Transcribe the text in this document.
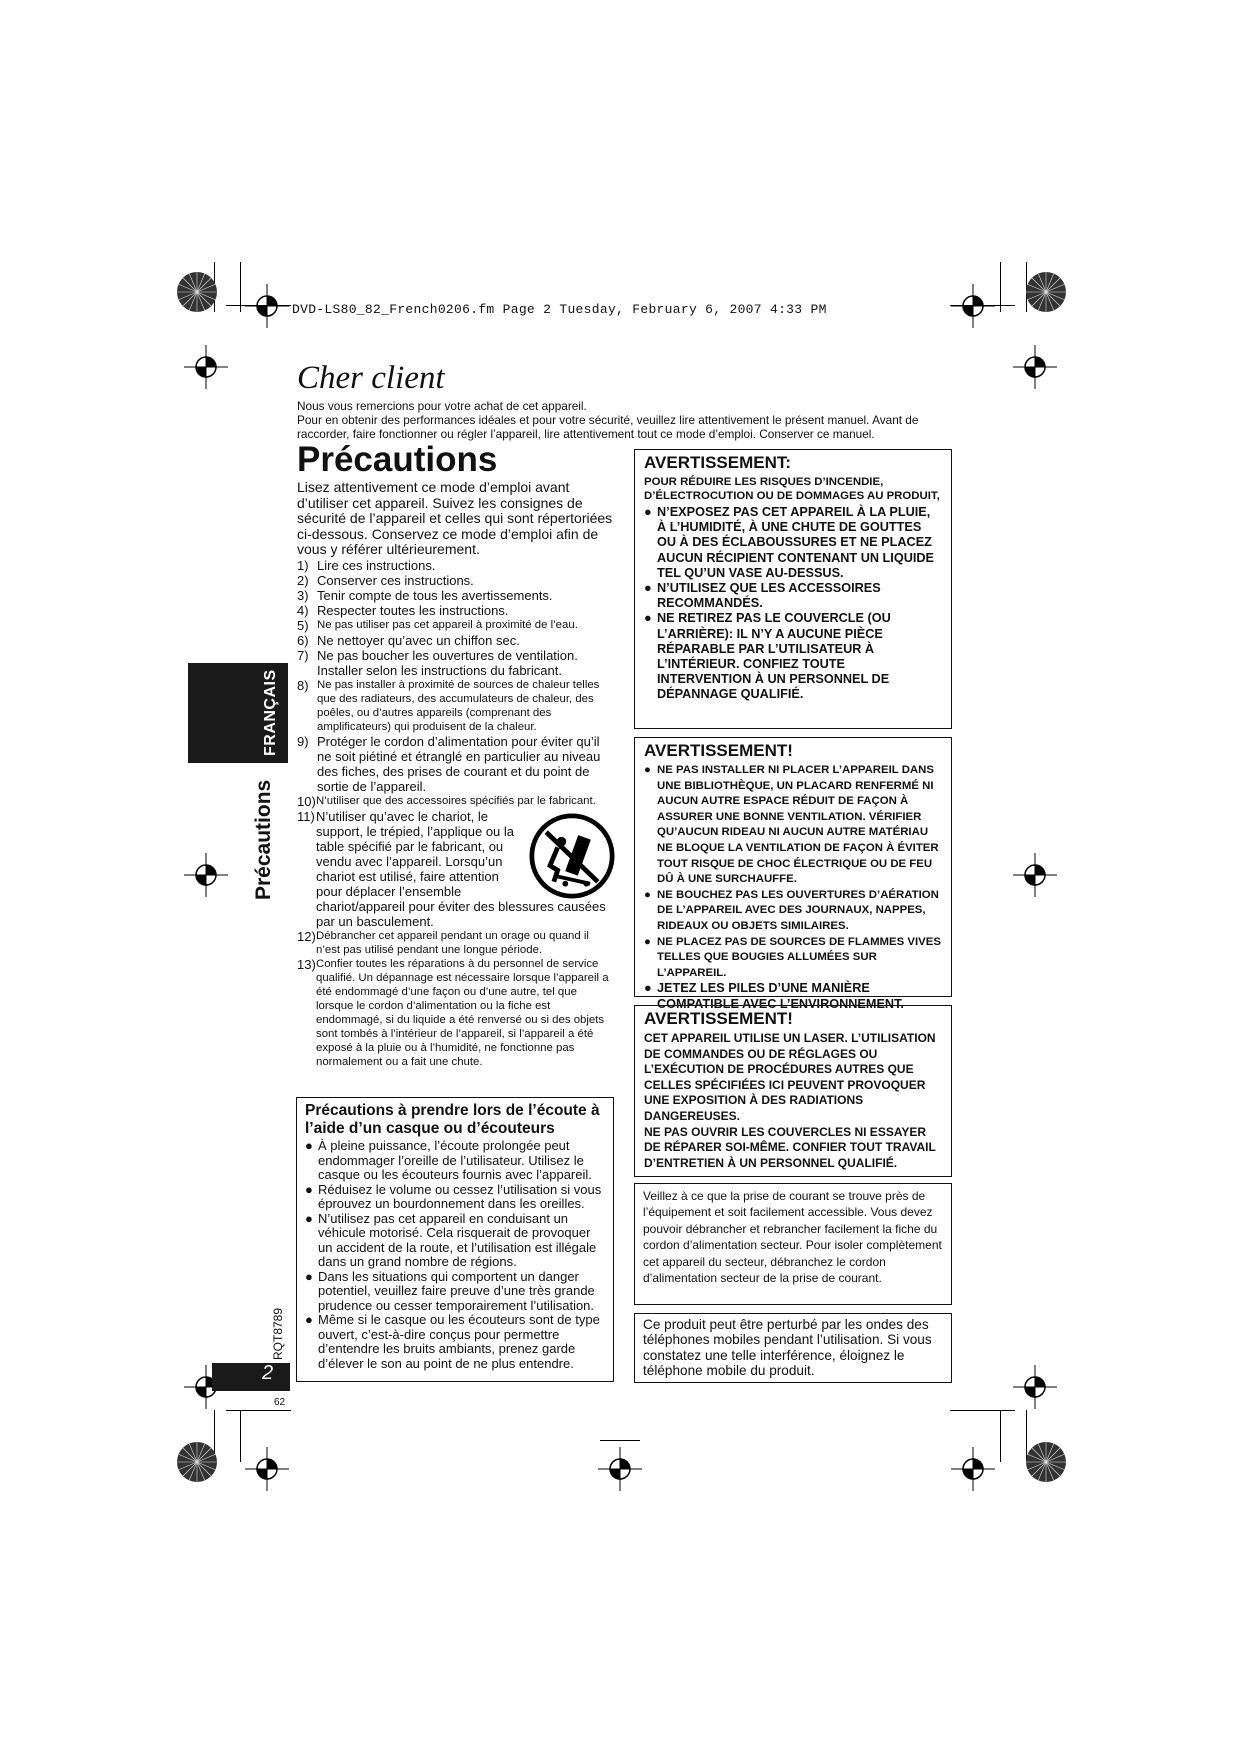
DVD-LS80_82_French0206.fm Page 2 Tuesday, February 6, 2007 4:33 PM
Cher client
Nous vous remercions pour votre achat de cet appareil.
Pour en obtenir des performances idéales et pour votre sécurité, veuillez lire attentivement le présent manuel. Avant de raccorder, faire fonctionner ou régler l’appareil, lire attentivement tout ce mode d’emploi. Conserver ce manuel.
FRANÇAIS
Précautions
RQT8789
2
62
Précautions
Lisez attentivement ce mode d’emploi avant d’utiliser cet appareil. Suivez les consignes de sécurité de l’appareil et celles qui sont répertoriées ci-dessous. Conservez ce mode d’emploi afin de vous y référer ultérieurement.
1) Lire ces instructions.
2) Conserver ces instructions.
3) Tenir compte de tous les avertissements.
4) Respecter toutes les instructions.
5) Ne pas utiliser pas cet appareil à proximité de l’eau.
6) Ne nettoyer qu’avec un chiffon sec.
7) Ne pas boucher les ouvertures de ventilation. Installer selon les instructions du fabricant.
8) Ne pas installer à proximité de sources de chaleur telles que des radiateurs, des accumulateurs de chaleur, des poêles, ou d’autres appareils (comprenant des amplificateurs) qui produisent de la chaleur.
9) Protéger le cordon d’alimentation pour éviter qu’il ne soit piétiné et étranglé en particulier au niveau des fiches, des prises de courant et du point de sortie de l’appareil.
10) N’utiliser que des accessoires spécifiés par le fabricant.
11) N’utiliser qu’avec le chariot, le support, le trépied, l’applique ou la table spécifié par le fabricant, ou vendu avec l’appareil. Lorsqu’un chariot est utilisé, faire attention pour déplacer l’ensemble chariot/appareil pour éviter des blessures causées par un basculement.
12) Débrancher cet appareil pendant un orage ou quand il n’est pas utilisé pendant une longue période.
13) Confier toutes les réparations à du personnel de service qualifié. Un dépannage est nécessaire lorsque l’appareil a été endommagé d’une façon ou d’une autre, tel que lorsque le cordon d’alimentation ou la fiche est endommagé, si du liquide a été renversé ou si des objets sont tombés à l’intérieur de l’appareil, si l’appareil a été exposé à la pluie ou à l’humidité, ne fonctionne pas normalement ou a fait une chute.
Précautions à prendre lors de l’écoute à l’aide d’un casque ou d’écouteurs
● À pleine puissance, l’écoute prolongée peut endommager l’oreille de l’utilisateur. Utilisez le casque ou les écouteurs fournis avec l’appareil.
● Réduisez le volume ou cessez l’utilisation si vous éprouvez un bourdonnement dans les oreilles.
● N’utilisez pas cet appareil en conduisant un véhicule motorisé. Cela risquerait de provoquer un accident de la route, et l’utilisation est illégale dans un grand nombre de régions.
● Dans les situations qui comportent un danger potentiel, veuillez faire preuve d’une très grande prudence ou cesser temporairement l’utilisation.
● Même si le casque ou les écouteurs sont de type ouvert, c’est-à-dire conçus pour permettre d’entendre les bruits ambiants, prenez garde d’élever le son au point de ne plus entendre.
AVERTISSEMENT:
POUR RÉDUIRE LES RISQUES D’INCENDIE, D’ÉLECTROCUTION OU DE DOMMAGES AU PRODUIT,
● N’EXPOSEZ PAS CET APPAREIL À LA PLUIE, À L’HUMIDITÉ, À UNE CHUTE DE GOUTTES OU À DES ÉCLABOUSSURES ET NE PLACEZ AUCUN RÉCIPIENT CONTENANT UN LIQUIDE TEL QU’UN VASE AU-DESSUS.
● N’UTILISEZ QUE LES ACCESSOIRES RECOMMANDÉS.
● NE RETIREZ PAS LE COUVERCLE (OU L’ARRIÈRE): IL N’Y A AUCUNE PIÈCE RÉPARABLE PAR L’UTILISATEUR À L’INTÉRIEUR. CONFIEZ TOUTE INTERVENTION À UN PERSONNEL DE DÉPANNAGE QUALIFIÉ.
AVERTISSEMENT!
● NE PAS INSTALLER NI PLACER L’APPAREIL DANS UNE BIBLIOTHÈQUE, UN PLACARD RENFERMÉ NI AUCUN AUTRE ESPACE RÉDUIT DE FAÇON À ASSURER UNE BONNE VENTILATION. VÉRIFIER QU’AUCUN RIDEAU NI AUCUN AUTRE MATÉRIAU NE BLOQUE LA VENTILATION DE FAÇON À ÉVITER TOUT RISQUE DE CHOC ÉLECTRIQUE OU DE FEU DÛ À UNE SURCHAUFFE.
● NE BOUCHEZ PAS LES OUVERTURES D’AÉRATION DE L’APPAREIL AVEC DES JOURNAUX, NAPPES, RIDEAUX OU OBJETS SIMILAIRES.
● NE PLACEZ PAS DE SOURCES DE FLAMMES VIVES TELLES QUE BOUGIES ALLUMÉES SUR L’APPAREIL.
● JETEZ LES PILES D’UNE MANIÈRE COMPATIBLE AVEC L’ENVIRONNEMENT.
AVERTISSEMENT!
CET APPAREIL UTILISE UN LASER. L’UTILISATION DE COMMANDES OU DE RÉGLAGES OU L’EXÉCUTION DE PROCÉDURES AUTRES QUE CELLES SPÉCIFIÉES ICI PEUVENT PROVOQUER UNE EXPOSITION À DES RADIATIONS DANGEREUSES.
NE PAS OUVRIR LES COUVERCLES NI ESSAYER DE RÉPARER SOI-MÊME. CONFIER TOUT TRAVAIL D’ENTRETIEN À UN PERSONNEL QUALIFIÉ.
Veillez à ce que la prise de courant se trouve près de l’équipement et soit facilement accessible. Vous devez pouvoir débrancher et rebrancher facilement la fiche du cordon d’alimentation secteur. Pour isoler complètement cet appareil du secteur, débranchez le cordon d’alimentation secteur de la prise de courant.
Ce produit peut être perturbé par les ondes des téléphones mobiles pendant l’utilisation. Si vous constatez une telle interférence, éloignez le téléphone mobile du produit.
